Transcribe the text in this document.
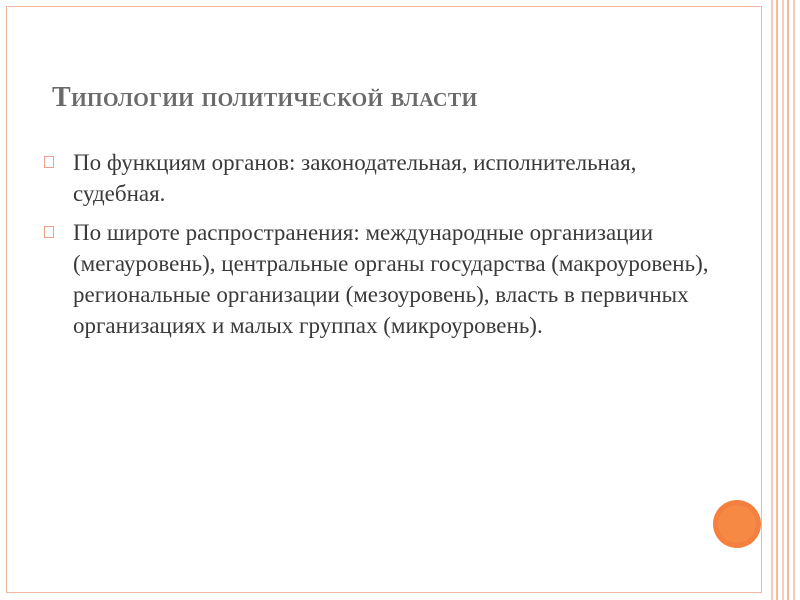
Типологии политической власти
По функциям органов: законодательная, исполнительная, судебная.
По широте распространения: международные организации (мегауровень), центральные органы государства (макроуровень), региональные организации (мезоуровень), власть в первичных организациях и малых группах (микроуровень).
